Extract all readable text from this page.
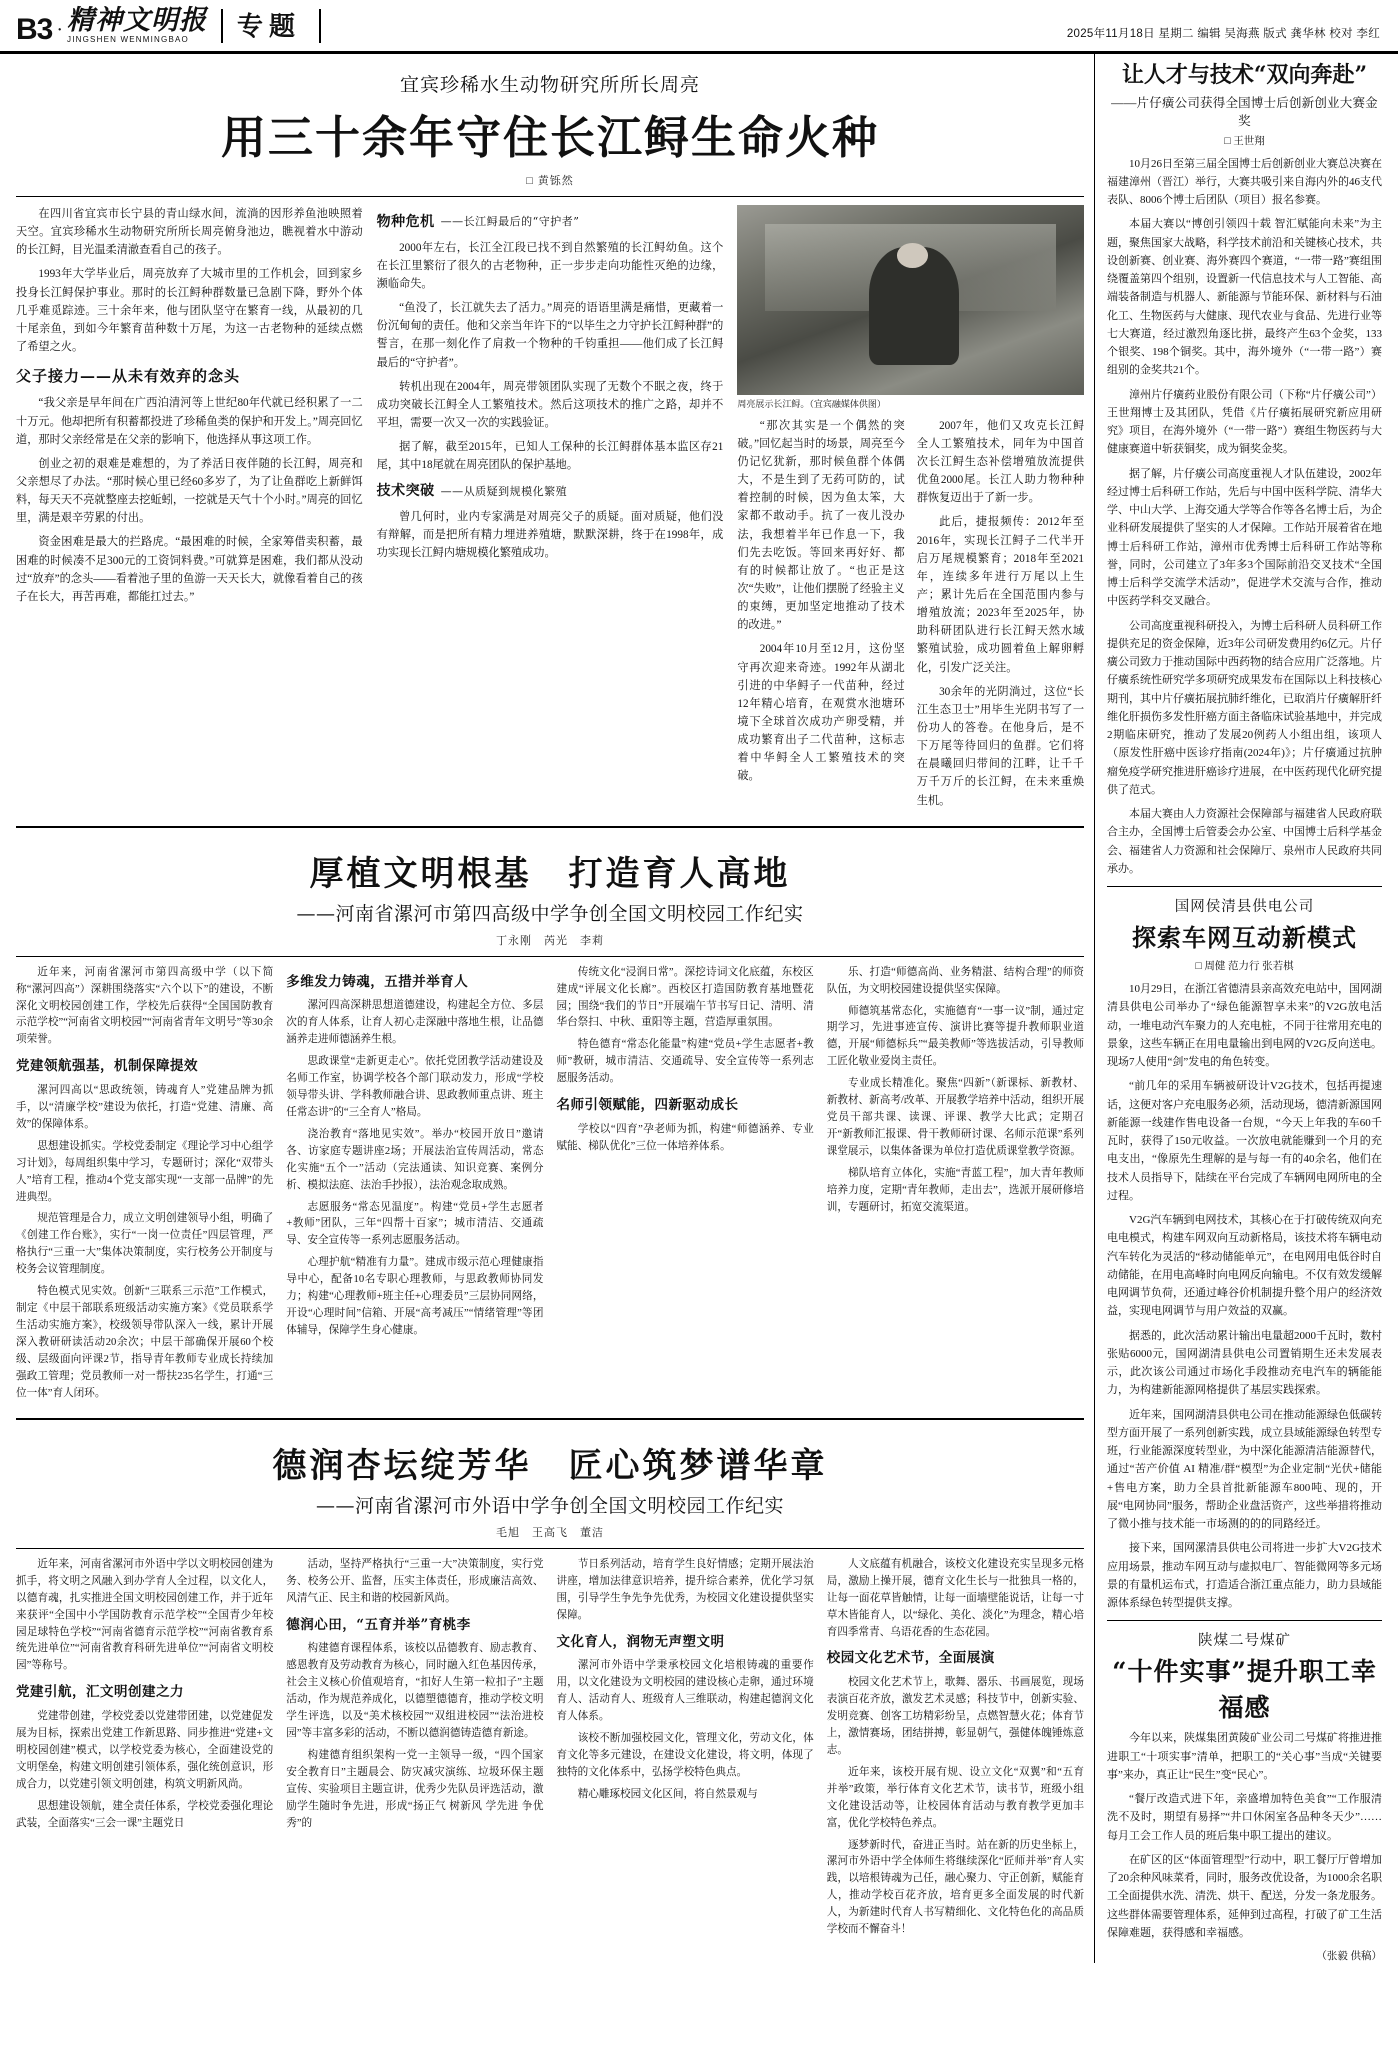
B3 · 精神文明报
JINGSHEN WENMINGBAO	专题	2025年11月18日 星期二 编辑 吴海燕 版式 龚华林 校对 李红
宜宾珍稀水生动物研究所所长周亮
用三十余年守住长江鲟生命火种
□ 黄铄然

在四川省宜宾市长宁县的青山绿水间，流淌的因形养鱼池映照着天空。宜宾珍稀水生动物研究所所长周亮俯身池边，瞧视着水中游动的长江鲟，目光温柔清澈查看自己的孩子。

1993年大学毕业后，周亮放弃了大城市里的工作机会，回到家乡投身长江鲟保护事业。那时的长江鲟种群数量已急剧下降，野外个体几乎难觅踪迹。三十余年来，他与团队坚守在繁育一线，从最初的几十尾亲鱼，到如今年繁育苗种数十万尾，为这一古老物种的延续点燃了希望之火。

父子接力——从未有效弃的念头

“我父亲是早年间在广西泊清河等上世纪80年代就已经积累了一二十万元。他却把所有积蓄都投进了珍稀鱼类的保护和开发上。”周亮回忆道，那时父亲经常是在父亲的影响下，他选择从事这项工作。

创业之初的艰难是难想的，为了养活日夜伴随的长江鲟，周亮和父亲想尽了办法。“那时候心里已经60多岁了，为了让鱼群吃上新鲜饵料，每天天不亮就整座去挖蚯蚓，一挖就是天气十个小时。”周亮的回忆里，满是艰辛劳累的付出。

资金困难是最大的拦路虎。“最困难的时候，全家筹借卖积蓄，最困难的时候凑不足300元的工资饲料费。”可就算是困难，我们都从没动过“放弃”的念头——看着池子里的鱼游一天天长大，就像看着自己的孩子在长大，再苦再难，都能扛过去。”

物种危机 ——长江鲟最后的“守护者”

2000年左右，长江全江段已找不到自然繁殖的长江鲟幼鱼。这个在长江里繁衍了很久的古老物种，正一步步走向功能性灭绝的边缘，濒临命失。

“鱼没了，长江就失去了活力。”周亮的语语里满是痛惜，更藏着一份沉甸甸的责任。他和父亲当年许下的“以毕生之力守护长江鲟种群”的誓言，在那一刻化作了肩救一个物种的千钧重担——他们成了长江鲟最后的“守护者”。

转机出现在2004年，周亮带领团队实现了无数个不眠之夜，终于成功突破长江鲟全人工繁殖技术。然后这项技术的推广之路，却并不平坦，需要一次又一次的实践验证。

据了解，截至2015年，已知人工保种的长江鲟群体基本监区存21尾，其中18尾就在周亮团队的保护基地。

技术突破 ——从质疑到规模化繁殖

曾几何时，业内专家满是对周亮父子的质疑。面对质疑，他们没有辩解，而是把所有精力埋进养殖塘，默默深耕，终于在1998年，成功实现长江鲟内塘规模化繁殖成功。

周亮展示长江鲟。（宜宾融媒体供图）

“那次其实是一个偶然的突破。”回忆起当时的场景，周亮至今仍记忆犹新，那时候鱼群个体偶大，不是生到了无药可防的，试着控制的时候，因为鱼太笨，大家都不敢动手。抗了一夜儿没办法，我想着半年已作息一下，我们先去吃饭。等回来再好好、都有的时候都让放了。“也正是这次“失败”，让他们摆脱了经验主义的束缚，更加坚定地推动了技术的改进。”

2004年10月至12月，这份坚守再次迎来奇迹。1992年从湖北引进的中华鲟子一代苗种，经过12年精心培育，在观赏水池塘环境下全球首次成功产卵受精，并成功繁育出子二代苗种，这标志着中华鲟全人工繁殖技术的突破。

2007年，他们又攻克长江鲟全人工繁殖技术，同年为中国首次长江鲟生态补偿增殖放流提供优鱼2000尾。长江人助力物种种群恢复迈出于了新一步。

此后，捷报频传：2012年至2016年，实现长江鲟子二代半开启万尾规模繁育；2018年至2021年，连续多年进行万尾以上生产；累计先后在全国范围内参与增殖放流；2023年至2025年，协助科研团队进行长江鲟天然水域繁殖试验，成功圆着鱼上解卵孵化，引发广泛关注。

30余年的光阴淌过，这位“长江生态卫士”用毕生光阴书写了一份功人的答卷。在他身后，是不下万尾等待回归的鱼群。它们将在晨曦回归带间的江畔，让千千万千万斤的长江鲟，在未来重焕生机。

厚植文明根基　打造育人高地
——河南省漯河市第四高级中学争创全国文明校园工作纪实
丁永刚　芮光　李莉

近年来，河南省漯河市第四高级中学（以下简称“漯河四高”）深耕围绕落实“六个以下”的建设，不断深化文明校园创建工作，学校先后获得“全国国防教育示范学校”“河南省文明校园”“河南省青年文明号”等30余项荣誉。

党建领航强基，机制保障提效

漯河四高以“思政统领，铸魂育人”党建品牌为抓手，以“清廉学校”建设为依托，打造“党建、清廉、高效”的保障体系。

思想建设抓实。学校党委制定《理论学习中心组学习计划》，每周组织集中学习，专题研讨；深化“双带头人”培育工程，推动4个党支部实现“一支部一品牌”的先进典型。

规范管理是合力，成立文明创建领导小组，明确了《创建工作台账》，实行“一岗一位责任”四层管理，严格执行“三重一大”集体决策制度，实行校务公开制度与校务会议管理制度。

特色模式见实效。创新“三联系三示范”工作模式，制定《中层干部联系班级活动实施方案》《党员联系学生活动实施方案》，校级领导带队深入一线，累计开展深入教研研读活动20余次；中层干部确保开展60个校级、层级面向评课2节，指导青年教师专业成长持续加强政工管理；党员教师一对一帮扶235名学生，打通“三位一体”育人闭环。

多维发力铸魂，五措并举育人

漯河四高深耕思想道德建设，构建起全方位、多层次的育人体系，让育人初心走深融中落地生根，让品德涵养走进师德涵养生根。

思政课堂“走新更走心”。依托党团教学活动建设及名师工作室，协调学校各个部门联动发力，形成“学校领导带头讲、学科教师融合讲、思政教师重点讲、班主任常态讲”的“三全育人”格局。

浇治教育“落地见实效”。举办“校园开放日”邀请各、访家庭专题讲座2场；开展法治宣传周活动，常态化实施“五个一”活动（完法通读、知识竞赛、案例分析、模拟法庭、法治手抄报），法治观念取成熟。

志愿服务“常态见温度”。构建“党员+学生志愿者+教师”团队，三年“四帮十百家”；城市清洁、交通疏导、安全宣传等一系列志愿服务活动。

心理护航“精准有力量”。建成市级示范心理健康指导中心，配备10名专职心理教师，与思政教师协同发力；构建“心理教师+班主任+心理委员”三层协同网络，开设“心理时间”信箱、开展“高考减压”“情绪管理”等团体辅导，保障学生身心健康。

传统文化“浸润日常”。深挖诗词文化底蕴，东校区建成“评展文化长廊”。西校区打造国防教育基地暨花园；围绕“我们的节日”开展端午节书写日记、清明、清华台祭扫、中秋、重阳等主题，营造厚重氛围。

特色德育“常态化能量”构建“党员+学生志愿者+教师”教研，城市清洁、交通疏导、安全宣传等一系列志愿服务活动。

名师引领赋能，四新驱动成长

学校以“四育”孕老师为抓，构建“师德涵养、专业赋能、梯队优化”三位一体培养体系。

乐、打造“师德高尚、业务精湛、结构合理”的师资队伍，为文明校园建设提供坚实保障。

师德筑基常态化，实施德育“一事一议”制，通过定期学习，先进事迹宣传、演讲比赛等提升教师职业道德，开展“师德标兵”“最美教师”等选拔活动，引导教师工匠化敬业爱岗主责任。

专业成长精准化。聚焦“四新”（新课标、新教材、新教材、新高考/改革、开展教学培养中活动，组织开展党员干部共课、读课、评课、教学大比武；定期召开“新教师汇报课、骨干教师研讨课、名师示范课”系列课堂展示，以集体备课为单位打造优质课堂教学资源。

梯队培育立体化，实施“青蓝工程”，加大青年教师培养力度，定期“青年教师，走出去”，选派开展研修培训，专题研讨，拓宽交流渠道。

德润杏坛绽芳华　匠心筑梦谱华章
——河南省漯河市外语中学争创全国文明校园工作纪实
毛旭　王高飞　董洁

近年来，河南省漯河市外语中学以文明校园创建为抓手，将文明之风融入到办学育人全过程，以文化人，以德育魂，扎实推进全国文明校园创建工作，并于近年来获评“全国中小学国防教育示范学校”“全国青少年校园足球特色学校”“河南省德育示范学校”“河南省教育系统先进单位”“河南省教育科研先进单位”“河南省文明校园”等称号。

党建引航，汇文明创建之力

党建带创建，学校党委以党建带团建，以党建促发展为目标，探索出党建工作新思路、同步推进“党建+文明校园创建”模式，以学校党委为核心，全面建设党的文明堡垒，构建文明创建引领体系，强化统创意识，形成合力，以党建引领文明创建，构筑文明新风尚。

思想建设领航，建全责任体系，学校党委强化理论武装，全面落实“三会一课”主题党日

活动，坚持严格执行“三重一大”决策制度，实行党务、校务公开、监督，压实主体责任，形成廉洁高效、风清气正、民主和谐的校园新风尚。

德润心田，“五育并举”育桃李

构建德育课程体系，该校以品德教育、励志教育、感恩教育及劳动教育为核心，同时融入红色基因传承，社会主义核心价值观培育，“扣好人生第一粒扣子”主题活动，作为规范养成化，以德塑德德育，推动学校文明学生评选，以及“美术核校园”“双组进校园”“法治进校园”等丰富多彩的活动，不断以德润德铸造德育新途。

构建德育组织架构一党一主领导一级，“四个国家安全教育日”主题晨会、防灾减灾演练、垃圾环保主题宣传、实验项目主题宣讲，优秀少先队员评选活动，激励学生随时争先进，形成“扬正气 树新风 学先进 争优秀”的

节日系列活动，培育学生良好情感；定期开展法治讲座，增加法律意识培养，提升综合素养，优化学习氛围，引导学生争先争先优秀，为校园文化建设提供坚实保障。

文化育人，润物无声塑文明

漯河市外语中学秉承校园文化培根铸魂的重要作用，以文化建设为文明校园的建设核心走卵，通过环境育人、活动育人、班级育人三维联动，构建起德润文化育人体系。

该校不断加强校园文化，管理文化，劳动文化，体育文化等多元建设，在建设文化建设，将文明，体现了独特的文化体系中，弘扬学校特色典点。

精心雕琢校园文化区间，将自然景观与

人文底蕴有机融合，该校文化建设充实呈现多元格局，激励上操开展，德育文化生长与一批独具一格的，让每一面花草皆触情，让每一面墙壁能说话，让每一寸草木皆能育人，以“绿化、美化、淡化”为理念，精心培育四季常青、乌语花香的生态花园。

校园文化艺术节，全面展演

校园文化艺术节上，歌舞、器乐、书画展览，现场表演百花齐放，激发艺术灵感；科技节中，创新实验、发明竞赛、创客工坊精彩纷呈，点燃智慧火花；体育节上，激情赛场，团结拼搏，彰显朝气，强健体魄锤炼意志。

近年来，该校开展有规、设立文化“双翼”和“五育并举”政策，举行体育文化艺术节，读书节，班级小组文化建设活动等，让校园体育活动与教育教学更加丰富，优化学校特色养点。

逐梦新时代，奋进正当时。站在新的历史坐标上，漯河市外语中学全体师生将继续深化“匠师并举”育人实践，以培根铸魂为己任，融心聚力、守正创新，赋能育人，推动学校百花齐放，培育更多全面发展的时代新人，为新建时代育人书写精细化、文化特色化的高品质学校而不懈奋斗！

让人才与技术“双向奔赴”
——片仔癀公司获得全国博士后创新创业大赛金奖
□ 王世翔

10月26日至第三届全国博士后创新创业大赛总决赛在福建漳州（晋江）举行，大赛共吸引来自海内外的46支代表队、8006个博士后团队（项目）报名参赛。

本届大赛以“博创引领四十载 智汇赋能向未来”为主题，聚焦国家大战略，科学技术前沿和关键核心技术，共设创新赛、创业赛、海外赛四个赛道，“一带一路”赛组围绕覆盖第四个组别，设置新一代信息技术与人工智能、高端装备制造与机器人、新能源与节能环保、新材料与石油化工、生物医药与大健康、现代农业与食品、先进行业等七大赛道，经过激烈角逐比拼，最终产生63个金奖，133个银奖、198个铜奖。其中，海外境外（“一带一路”）赛组别的金奖共21个。

漳州片仔癀药业股份有限公司（下称“片仔癀公司”）王世翔博士及其团队，凭借《片仔癀拓展研究新应用研究》项目，在海外境外（“一带一路”）赛组生物医药与大健康赛道中斩获铜奖，成为铜奖金奖。

据了解，片仔癀公司高度重视人才队伍建设，2002年经过博士后科研工作站，先后与中国中医科学院、清华大学、中山大学、上海交通大学等合作等各名博士后，为企业科研发展提供了坚实的人才保障。工作站开展着省在地博士后科研工作站，漳州市优秀博士后科研工作站等称誉，同时，公司建立了3年多3个国际前沿交叉技术“全国博士后科学交流学术活动”，促进学术交流与合作，推动中医药学科交叉融合。

公司高度重视科研投入，为博士后科研人员科研工作提供充足的资金保障，近3年公司研发费用约6亿元。片仔癀公司致力于推动国际中西药物的结合应用广泛落地。片仔癀系统性研究学多项研究成果发布在国际以上科技核心期刊，其中片仔癀拓展抗肺纤维化，已取消片仔癀解肝纤维化肝损伤多发性肝癌方面主备临床试验基地中，并完成2期临床研究，推动了发展20例药人小组出组，该项人（原发性肝癌中医诊疗指南(2024年)》；片仔癀通过抗肿瘤免疫学研究推进肝癌诊疗进展，在中医药现代化研究提供了范式。

本届大赛由人力资源社会保障部与福建省人民政府联合主办，全国博士后管委会办公室、中国博士后科学基金会、福建省人力资源和社会保障厅、泉州市人民政府共同承办。

国网侯清县供电公司
探索车网互动新模式
□ 周健 范力行 张若棋

10月29日，在浙江省德清县亲高效充电站中，国网湖清县供电公司举办了“绿色能源智享未来”的V2G放电活动，一堆电动汽车聚力的人充电桩，不同于往常用充电的景象，这些车辆正在用电量输出到电网的V2G反向送电。现场7人使用“剑”发电的角色转变。

“前几年的采用车辆被研设计V2G技术，包括再提速话，这便对客户充电服务必须，活动现场，德清新源国网新能源一线建作售电设备一台规，“今天上年我的车60千瓦时，获得了150元收益。一次放电就能赚到一个月的充电支出，“像原先生理解的是与每一有的40余名，他们在技术人员指导下，陆续在平台完成了车辆网电网所电的全过程。

V2G汽车辆到电网技术，其核心在于打破传统双向充电电模式，构建车网双向互动新格局，该技术将车辆电动汽车转化为灵活的“移动储能单元”，在电网用电低谷时自动储能，在用电高峰时向电网反向输电。不仅有效发缓解电网调节负荷，还通过峰谷价机制提升整个用户的经济效益，实现电网调节与用户效益的双赢。

据悉的，此次活动累计输出电量超2000千瓦时，数村张贴6000元，国网湖清县供电公司置销期生还未发展表示，此次该公司通过市场化手段推动充电汽车的辆能能力，为构建新能源网格提供了基层实践探索。

近年来，国网湖清县供电公司在推动能源绿色低碳转型方面开展了一系列创新实践，成立县域能源绿色转型专班，行业能源深度转型业，为中深化能源清洁能源替代，通过“苦产价值 AI 精准/群“模型”为企业定制“光伏+储能+售电方案，助力全县首批新能源车800吨、现的，开展“电网协同”服务，帮助企业盘活资产，这些举措将推动了微小推与技术能一市场测的的的同路经迁。

接下来，国网漯清县供电公司将进一步扩大V2G技术应用场景，推动车网互动与虚拟电厂、智能微网等多元场景的有量机运布式，打造适合浙江重点能力，助力县域能源体系绿色转型提供支撑。

陕煤二号煤矿
“十件实事”提升职工幸福感

今年以来，陕煤集团黄陵矿业公司二号煤矿将推进推进职工“十项实事”清单，把职工的“关心事”当成“关键要事”来办，真正让“民生”变“民心”。

“餐厅改造式进下年，亲盛增加特色美食”“工作服清洗不及时，期望有易择”“井口休闲室各品种冬天少”……每月工会工作人员的班后集中职工提出的建议。

在矿区的区“体面管理型”行动中，职工餐厅厅曾增加了20余种风味菜肴，同时，服务改优设备，为1000余名职工全面提供水洗、清洗、烘干、配送，分发一条龙服务。这些群体需要管理体系，延伸到过高程，打破了矿工生活保障难题，获得感和幸福感。

（张毅 供稿）
